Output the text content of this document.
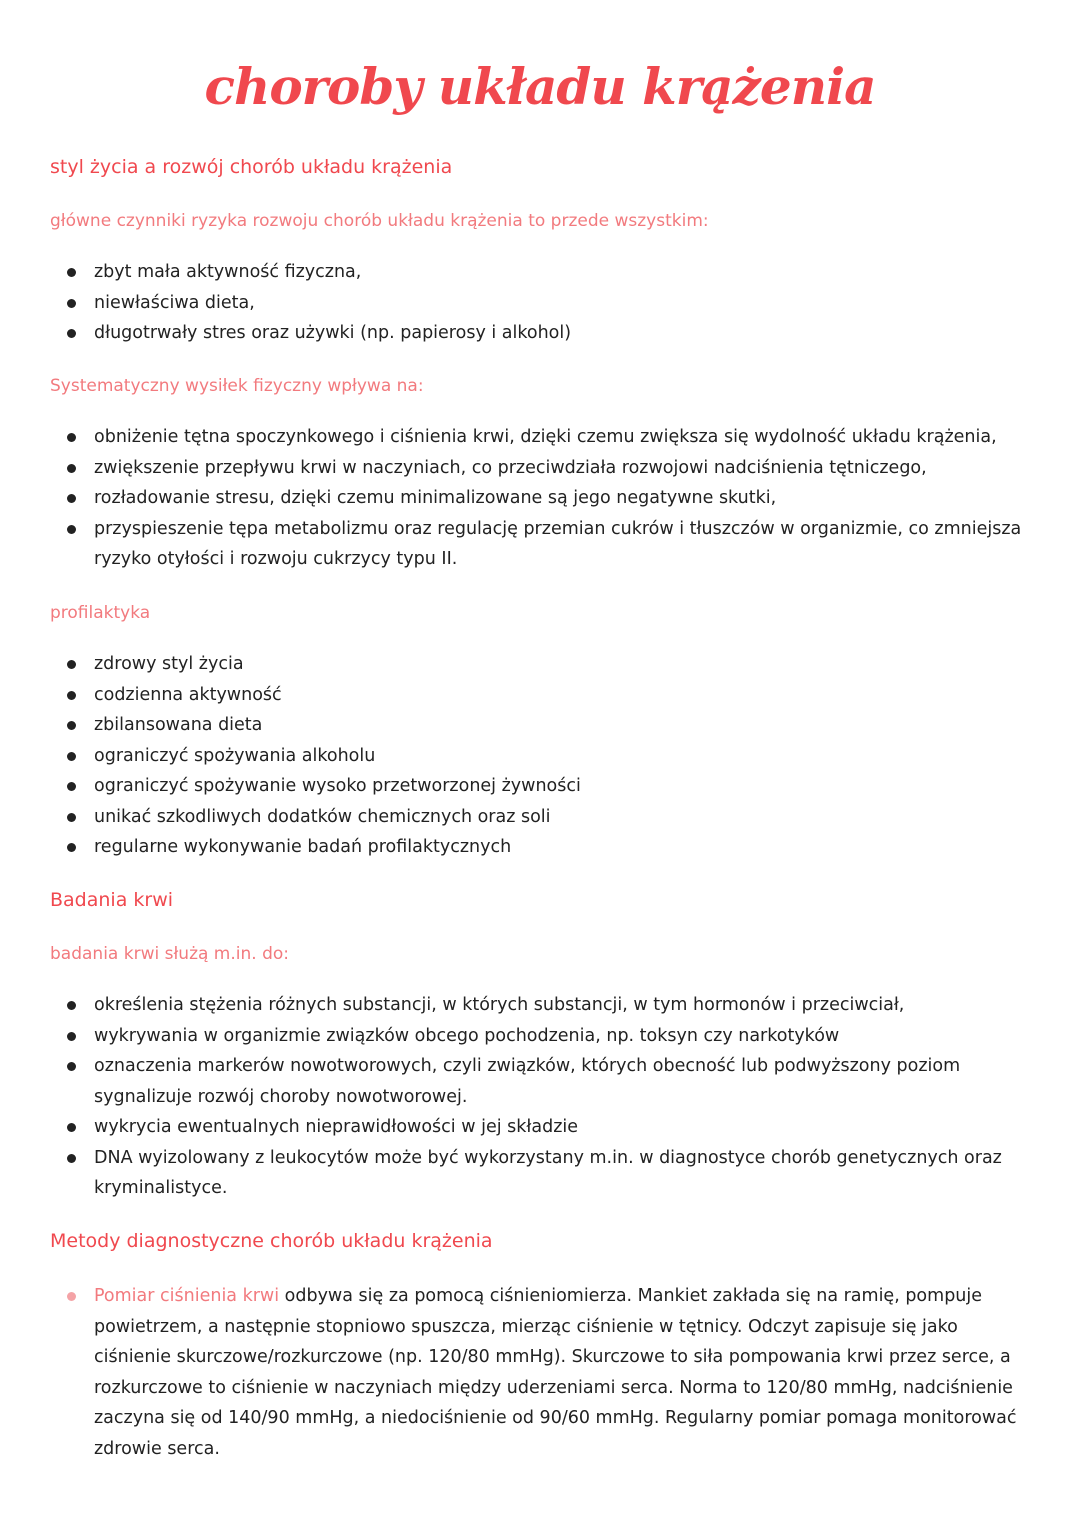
choroby układu krążenia
styl życia a rozwój chorób układu krążenia
główne czynniki ryzyka rozwoju chorób układu krążenia to przede wszystkim:
zbyt mała aktywność fizyczna,
niewłaściwa dieta,
długotrwały stres oraz używki (np. papierosy i alkohol)
Systematyczny wysiłek fizyczny wpływa na:
obniżenie tętna spoczynkowego i ciśnienia krwi, dzięki czemu zwiększa się wydolność układu krążenia,
zwiększenie przepływu krwi w naczyniach, co przeciwdziała rozwojowi nadciśnienia tętniczego,
rozładowanie stresu, dzięki czemu minimalizowane są jego negatywne skutki,
przyspieszenie tępa metabolizmu oraz regulację przemian cukrów i tłuszczów w organizmie, co zmniejsza ryzyko otyłości i rozwoju cukrzycy typu II.
profilaktyka
zdrowy styl życia
codzienna aktywność
zbilansowana dieta
ograniczyć spożywania alkoholu
ograniczyć spożywanie wysoko przetworzonej żywności
unikać szkodliwych dodatków chemicznych oraz soli
regularne wykonywanie badań profilaktycznych
Badania krwi
badania krwi służą m.in. do:
określenia stężenia różnych substancji, w których substancji, w tym hormonów i przeciwciał,
wykrywania w organizmie związków obcego pochodzenia, np. toksyn czy narkotyków
oznaczenia markerów nowotworowych, czyli związków, których obecność lub podwyższony poziom sygnalizuje rozwój choroby nowotworowej.
wykrycia ewentualnych nieprawidłowości w jej składzie
DNA wyizolowany z leukocytów może być wykorzystany m.in. w diagnostyce chorób genetycznych oraz kryminalistyce.
Metody diagnostyczne chorób układu krążenia
Pomiar ciśnienia krwi odbywa się za pomocą ciśnieniomierza. Mankiet zakłada się na ramię, pompuje powietrzem, a następnie stopniowo spuszcza, mierząc ciśnienie w tętnicy. Odczyt zapisuje się jako ciśnienie skurczowe/rozkurczowe (np. 120/80 mmHg). Skurczowe to siła pompowania krwi przez serce, a rozkurczowe to ciśnienie w naczyniach między uderzeniami serca. Norma to 120/80 mmHg, nadciśnienie zaczyna się od 140/90 mmHg, a niedociśnienie od 90/60 mmHg. Regularny pomiar pomaga monitorować zdrowie serca.
